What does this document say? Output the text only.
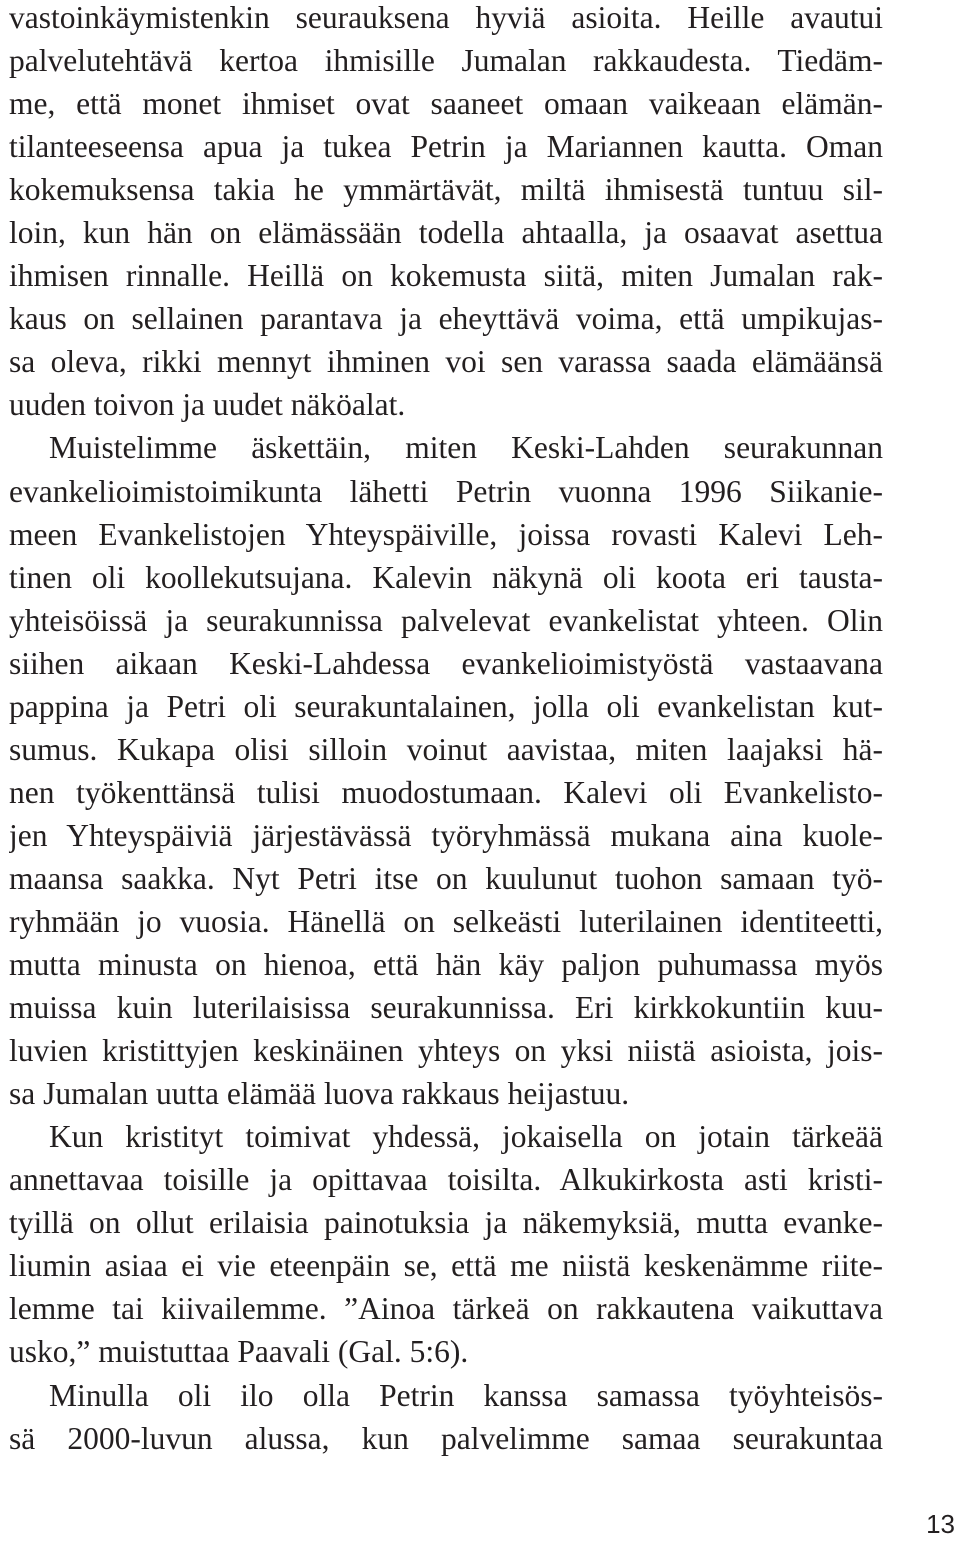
vastoinkäymistenkin seurauksena hyviä asioita. Heille avautui
palvelutehtävä kertoa ihmisille Jumalan rakkaudesta. Tiedäm-
me, että monet ihmiset ovat saaneet omaan vaikeaan elämän-
tilanteeseensa apua ja tukea Petrin ja Mariannen kautta. Oman
kokemuksensa takia he ymmärtävät, miltä ihmisestä tuntuu sil-
loin, kun hän on elämässään todella ahtaalla, ja osaavat asettua
ihmisen rinnalle. Heillä on kokemusta siitä, miten Jumalan rak-
kaus on sellainen parantava ja eheyttävä voima, että umpikujas-
sa oleva, rikki mennyt ihminen voi sen varassa saada elämäänsä
uuden toivon ja uudet näköalat.
Muistelimme äskettäin, miten Keski-Lahden seurakunnan
evankelioimistoimikunta lähetti Petrin vuonna 1996 Siikanie-
meen Evankelistojen Yhteyspäiville, joissa rovasti Kalevi Leh-
tinen oli koollekutsujana. Kalevin näkynä oli koota eri tausta-
yhteisöissä ja seurakunnissa palvelevat evankelistat yhteen. Olin
siihen aikaan Keski-Lahdessa evankelioimistyöstä vastaavana
pappina ja Petri oli seurakuntalainen, jolla oli evankelistan kut-
sumus. Kukapa olisi silloin voinut aavistaa, miten laajaksi hä-
nen työkenttänsä tulisi muodostumaan. Kalevi oli Evankelisto-
jen Yhteyspäiviä järjestävässä työryhmässä mukana aina kuole-
maansa saakka. Nyt Petri itse on kuulunut tuohon samaan työ-
ryhmään jo vuosia. Hänellä on selkeästi luterilainen identiteetti,
mutta minusta on hienoa, että hän käy paljon puhumassa myös
muissa kuin luterilaisissa seurakunnissa. Eri kirkkokuntiin kuu-
luvien kristittyjen keskinäinen yhteys on yksi niistä asioista, jois-
sa Jumalan uutta elämää luova rakkaus heijastuu.
Kun kristityt toimivat yhdessä, jokaisella on jotain tärkeää
annettavaa toisille ja opittavaa toisilta. Alkukirkosta asti kristi-
tyillä on ollut erilaisia painotuksia ja näkemyksiä, mutta evanke-
liumin asiaa ei vie eteenpäin se, että me niistä keskenämme riite-
lemme tai kiivailemme. ”Ainoa tärkeä on rakkautena vaikuttava
usko,” muistuttaa Paavali (Gal. 5:6).
Minulla oli ilo olla Petrin kanssa samassa työyhteisös-
sä 2000-luvun alussa, kun palvelimme samaa seurakuntaa
13
